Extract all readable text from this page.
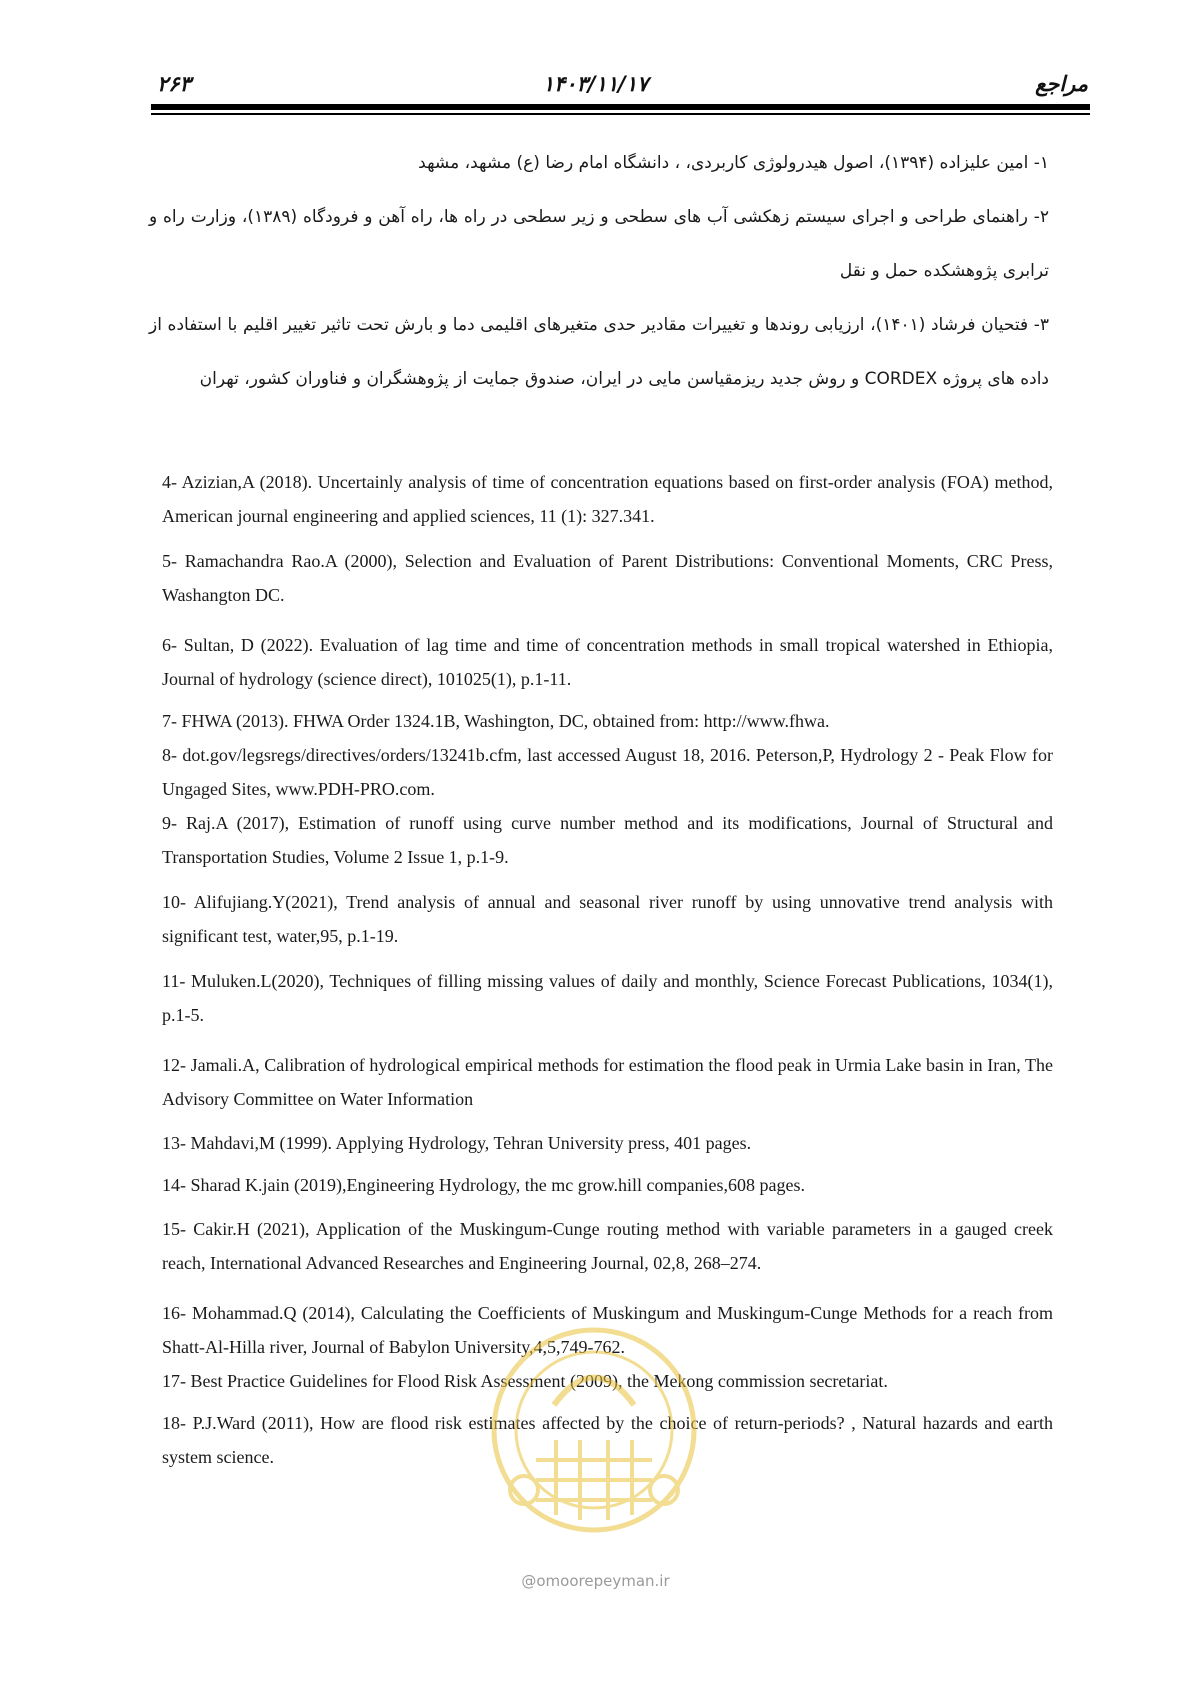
۲۶۳	۱۴۰۳/۱۱/۱۷	مراجع

۱- امین علیزاده (۱۳۹۴)، اصول هیدرولوژی کاربردی، ، دانشگاه امام رضا (ع) مشهد، مشهد

۲- راهنمای طراحی و اجرای سیستم زهکشی آب های سطحی و زیر سطحی در راه ها، راه آهن و فرودگاه (۱۳۸۹)، وزارت راه و ترابری پژوهشکده حمل و نقل

۳- فتحیان فرشاد (۱۴۰۱)، ارزیابی روندها و تغییرات مقادیر حدی متغیرهای اقلیمی دما و بارش تحت تاثیر تغییر اقلیم با استفاده از داده های پروژه CORDEX و روش جدید ریزمقیاسن مایی در ایران، صندوق جمایت از پژوهشگران و فناوران کشور، تهران

4- Azizian,A (2018). Uncertainly analysis of time of concentration equations based on first-order analysis (FOA) method, American journal engineering and applied sciences, 11 (1): 327.341.

5- Ramachandra Rao.A (2000), Selection and Evaluation of Parent Distributions: Conventional Moments, CRC Press, Washangton DC.

6- Sultan, D (2022). Evaluation of lag time and time of concentration methods in small tropical watershed in Ethiopia, Journal of hydrology (science direct), 101025(1), p.1-11.

7- FHWA (2013). FHWA Order 1324.1B, Washington, DC, obtained from: http://www.fhwa.

8- dot.gov/legsregs/directives/orders/13241b.cfm, last accessed August 18, 2016. Peterson,P, Hydrology 2 - Peak Flow for Ungaged Sites, www.PDH-PRO.com.

9- Raj.A (2017), Estimation of runoff using curve number method and its modifications, Journal of Structural and Transportation Studies, Volume 2 Issue 1, p.1-9.

10- Alifujiang.Y(2021), Trend analysis of annual and seasonal river runoff by using unnovative trend analysis with significant test, water,95, p.1-19.

11- Muluken.L(2020), Techniques of filling missing values of daily and monthly, Science Forecast Publications, 1034(1), p.1-5.

12- Jamali.A, Calibration of hydrological empirical methods for estimation the flood peak in Urmia Lake basin in Iran, The Advisory Committee on Water Information

13- Mahdavi,M (1999). Applying Hydrology, Tehran University press, 401 pages.

14- Sharad K.jain (2019),Engineering Hydrology, the mc grow.hill companies,608 pages.

15- Cakir.H (2021), Application of the Muskingum-Cunge routing method with variable parameters in a gauged creek reach, International Advanced Researches and Engineering Journal, 02,8, 268–274.

16- Mohammad.Q (2014), Calculating the Coefficients of Muskingum and Muskingum-Cunge Methods for a reach from Shatt-Al-Hilla river, Journal of Babylon University,4,5,749-762.

17- Best Practice Guidelines for Flood Risk Assessment (2009), the Mekong commission secretariat.

18- P.J.Ward (2011), How are flood risk estimates affected by the choice of return-periods? , Natural hazards and earth system science.

@omoorepeyman.ir
